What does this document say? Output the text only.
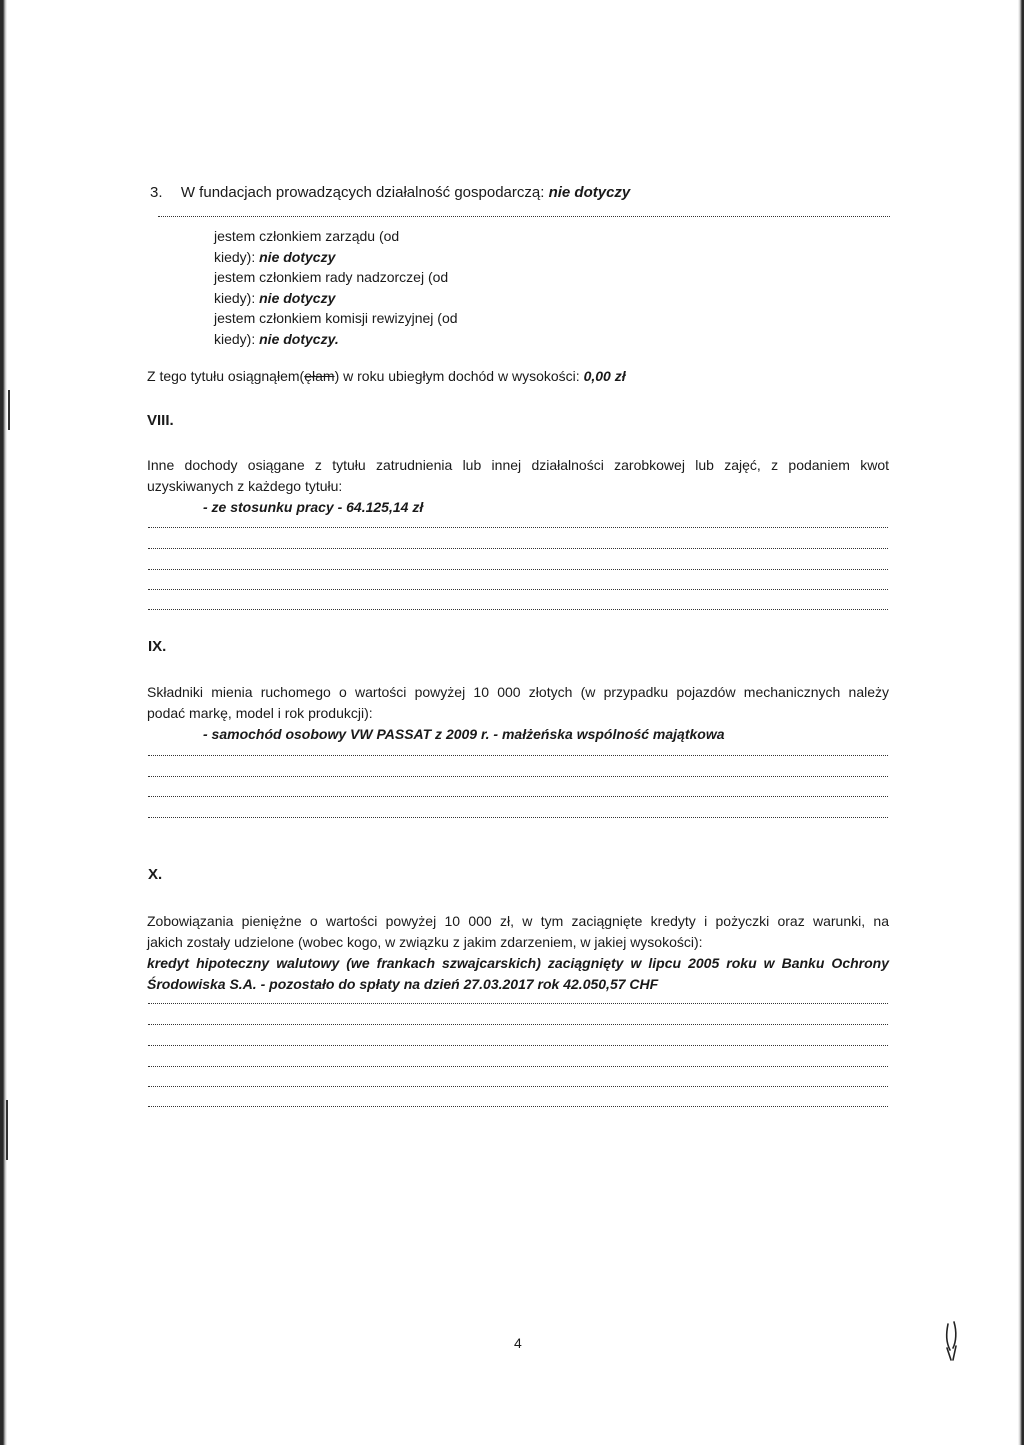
3. W fundacjach prowadzących działalność gospodarczą: nie dotyczy
jestem członkiem zarządu (od
kiedy): nie dotyczy
jestem członkiem rady nadzorczej (od
kiedy): nie dotyczy
jestem członkiem komisji rewizyjnej (od
kiedy): nie dotyczy.
Z tego tytułu osiągnąłem(ęłam) w roku ubiegłym dochód w wysokości: 0,00 zł
VIII.
Inne dochody osiągane z tytułu zatrudnienia lub innej działalności zarobkowej lub zajęć, z podaniem kwot
uzyskiwanych z każdego tytułu:
- ze stosunku pracy - 64.125,14 zł
IX.
Składniki mienia ruchomego o wartości powyżej 10 000 złotych (w przypadku pojazdów mechanicznych należy
podać markę, model i rok produkcji):
- samochód osobowy VW PASSAT z 2009 r. - małżeńska wspólność majątkowa
X.
Zobowiązania pieniężne o wartości powyżej 10 000 zł, w tym zaciągnięte kredyty i pożyczki oraz warunki, na
jakich zostały udzielone (wobec kogo, w związku z jakim zdarzeniem, w jakiej wysokości):
kredyt hipoteczny walutowy (we frankach szwajcarskich) zaciągnięty w lipcu 2005 roku w Banku Ochrony
Środowiska S.A. - pozostało do spłaty na dzień 27.03.2017 rok 42.050,57 CHF
4
